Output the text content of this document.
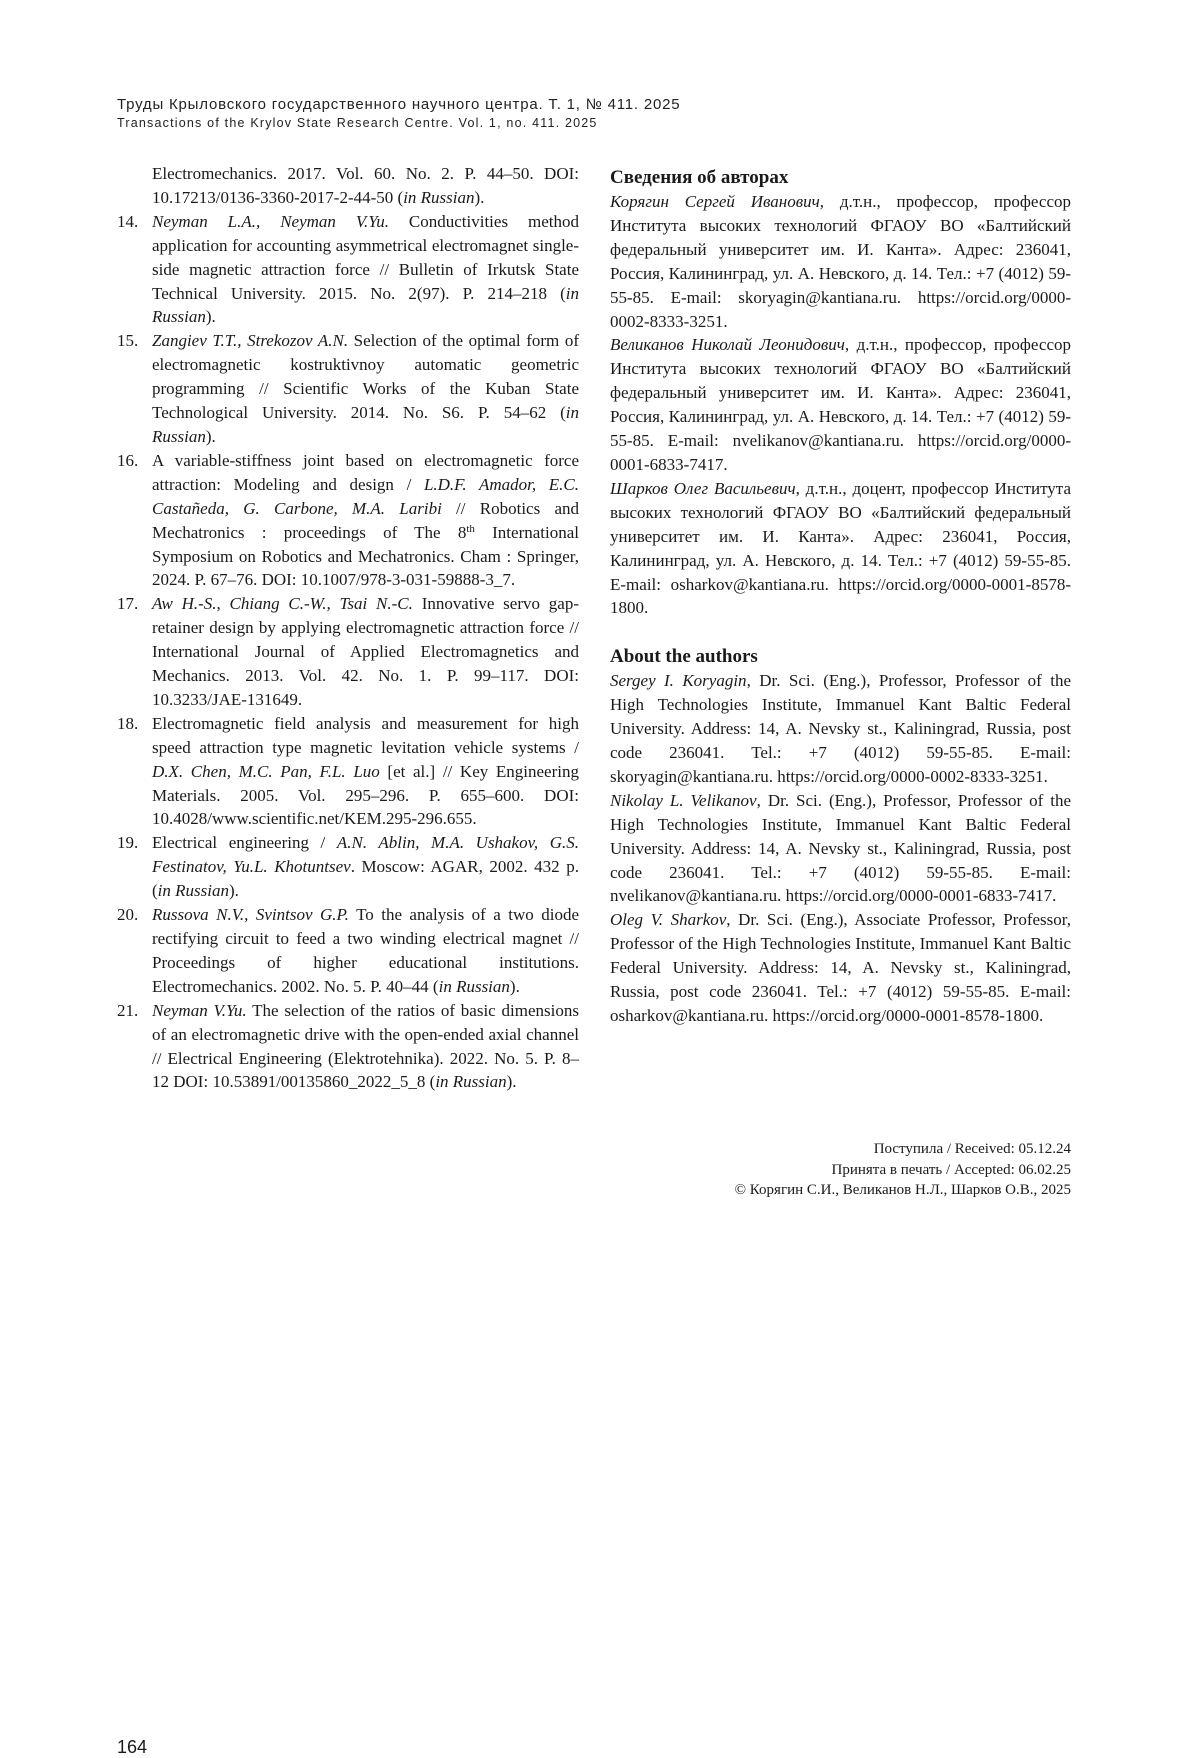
Труды Крыловского государственного научного центра. Т. 1, № 411. 2025
Transactions of the Krylov State Research Centre. Vol. 1, no. 411. 2025
Electromechanics. 2017. Vol. 60. No. 2. P. 44–50. DOI: 10.17213/0136-3360-2017-2-44-50 (in Russian).
14. Neyman L.A., Neyman V.Yu. Conductivities method application for accounting asymmetrical electromagnet single-side magnetic attraction force // Bulletin of Irkutsk State Technical University. 2015. No. 2(97). P. 214–218 (in Russian).
15. Zangiev T.T., Strekozov A.N. Selection of the optimal form of electromagnetic kostruktivnoy automatic geometric programming // Scientific Works of the Kuban State Technological University. 2014. No. S6. P. 54–62 (in Russian).
16. A variable-stiffness joint based on electromagnetic force attraction: Modeling and design / L.D.F. Amador, E.C. Castañeda, G. Carbone, M.A. Laribi // Robotics and Mechatronics : proceedings of The 8th International Symposium on Robotics and Mechatronics. Cham : Springer, 2024. P. 67–76. DOI: 10.1007/978-3-031-59888-3_7.
17. Aw H.-S., Chiang C.-W., Tsai N.-C. Innovative servo gap-retainer design by applying electromagnetic attraction force // International Journal of Applied Electromagnetics and Mechanics. 2013. Vol. 42. No. 1. P. 99–117. DOI: 10.3233/JAE-131649.
18. Electromagnetic field analysis and measurement for high speed attraction type magnetic levitation vehicle systems / D.X. Chen, M.C. Pan, F.L. Luo [et al.] // Key Engineering Materials. 2005. Vol. 295–296. P. 655–600. DOI: 10.4028/www.scientific.net/KEM.295-296.655.
19. Electrical engineering / A.N. Ablin, M.A. Ushakov, G.S. Festinatov, Yu.L. Khotuntsev. Moscow: AGAR, 2002. 432 p. (in Russian).
20. Russova N.V., Svintsov G.P. To the analysis of a two diode rectifying circuit to feed a two winding electrical magnet // Proceedings of higher educational institutions. Electromechanics. 2002. No. 5. P. 40–44 (in Russian).
21. Neyman V.Yu. The selection of the ratios of basic dimensions of an electromagnetic drive with the open-ended axial channel // Electrical Engineering (Elektrotehnika). 2022. No. 5. P. 8–12 DOI: 10.53891/00135860_2022_5_8 (in Russian).
Сведения об авторах

Корягин Сергей Иванович, д.т.н., профессор, профессор Института высоких технологий ФГАОУ ВО «Балтийский федеральный университет им. И. Канта». Адрес: 236041, Россия, Калининград, ул. А. Невского, д. 14. Тел.: +7 (4012) 59-55-85. E-mail: skoryagin@kantiana.ru. https://orcid.org/0000-0002-8333-3251.

Великанов Николай Леонидович, д.т.н., профессор, профессор Института высоких технологий ФГАОУ ВО «Балтийский федеральный университет им. И. Канта». Адрес: 236041, Россия, Калининград, ул. А. Невского, д. 14. Тел.: +7 (4012) 59-55-85. E-mail: nvelikanov@kantiana.ru. https://orcid.org/0000-0001-6833-7417.

Шарков Олег Васильевич, д.т.н., доцент, профессор Института высоких технологий ФГАОУ ВО «Балтийский федеральный университет им. И. Канта». Адрес: 236041, Россия, Калининград, ул. А. Невского, д. 14. Тел.: +7 (4012) 59-55-85. E-mail: osharkov@kantiana.ru. https://orcid.org/0000-0001-8578-1800.

About the authors

Sergey I. Koryagin, Dr. Sci. (Eng.), Professor, Professor of the High Technologies Institute, Immanuel Kant Baltic Federal University. Address: 14, A. Nevsky st., Kaliningrad, Russia, post code 236041. Tel.: +7 (4012) 59-55-85. E-mail: skoryagin@kantiana.ru. https://orcid.org/0000-0002-8333-3251.

Nikolay L. Velikanov, Dr. Sci. (Eng.), Professor, Professor of the High Technologies Institute, Immanuel Kant Baltic Federal University. Address: 14, A. Nevsky st., Kaliningrad, Russia, post code 236041. Tel.: +7 (4012) 59-55-85. E-mail: nvelikanov@kantiana.ru. https://orcid.org/0000-0001-6833-7417.

Oleg V. Sharkov, Dr. Sci. (Eng.), Associate Professor, Professor, Professor of the High Technologies Institute, Immanuel Kant Baltic Federal University. Address: 14, A. Nevsky st., Kaliningrad, Russia, post code 236041. Tel.: +7 (4012) 59-55-85. E-mail: osharkov@kantiana.ru. https://orcid.org/0000-0001-8578-1800.

Поступила / Received: 05.12.24
Принята в печать / Accepted: 06.02.25
© Корягин С.И., Великанов Н.Л., Шарков О.В., 2025
164
